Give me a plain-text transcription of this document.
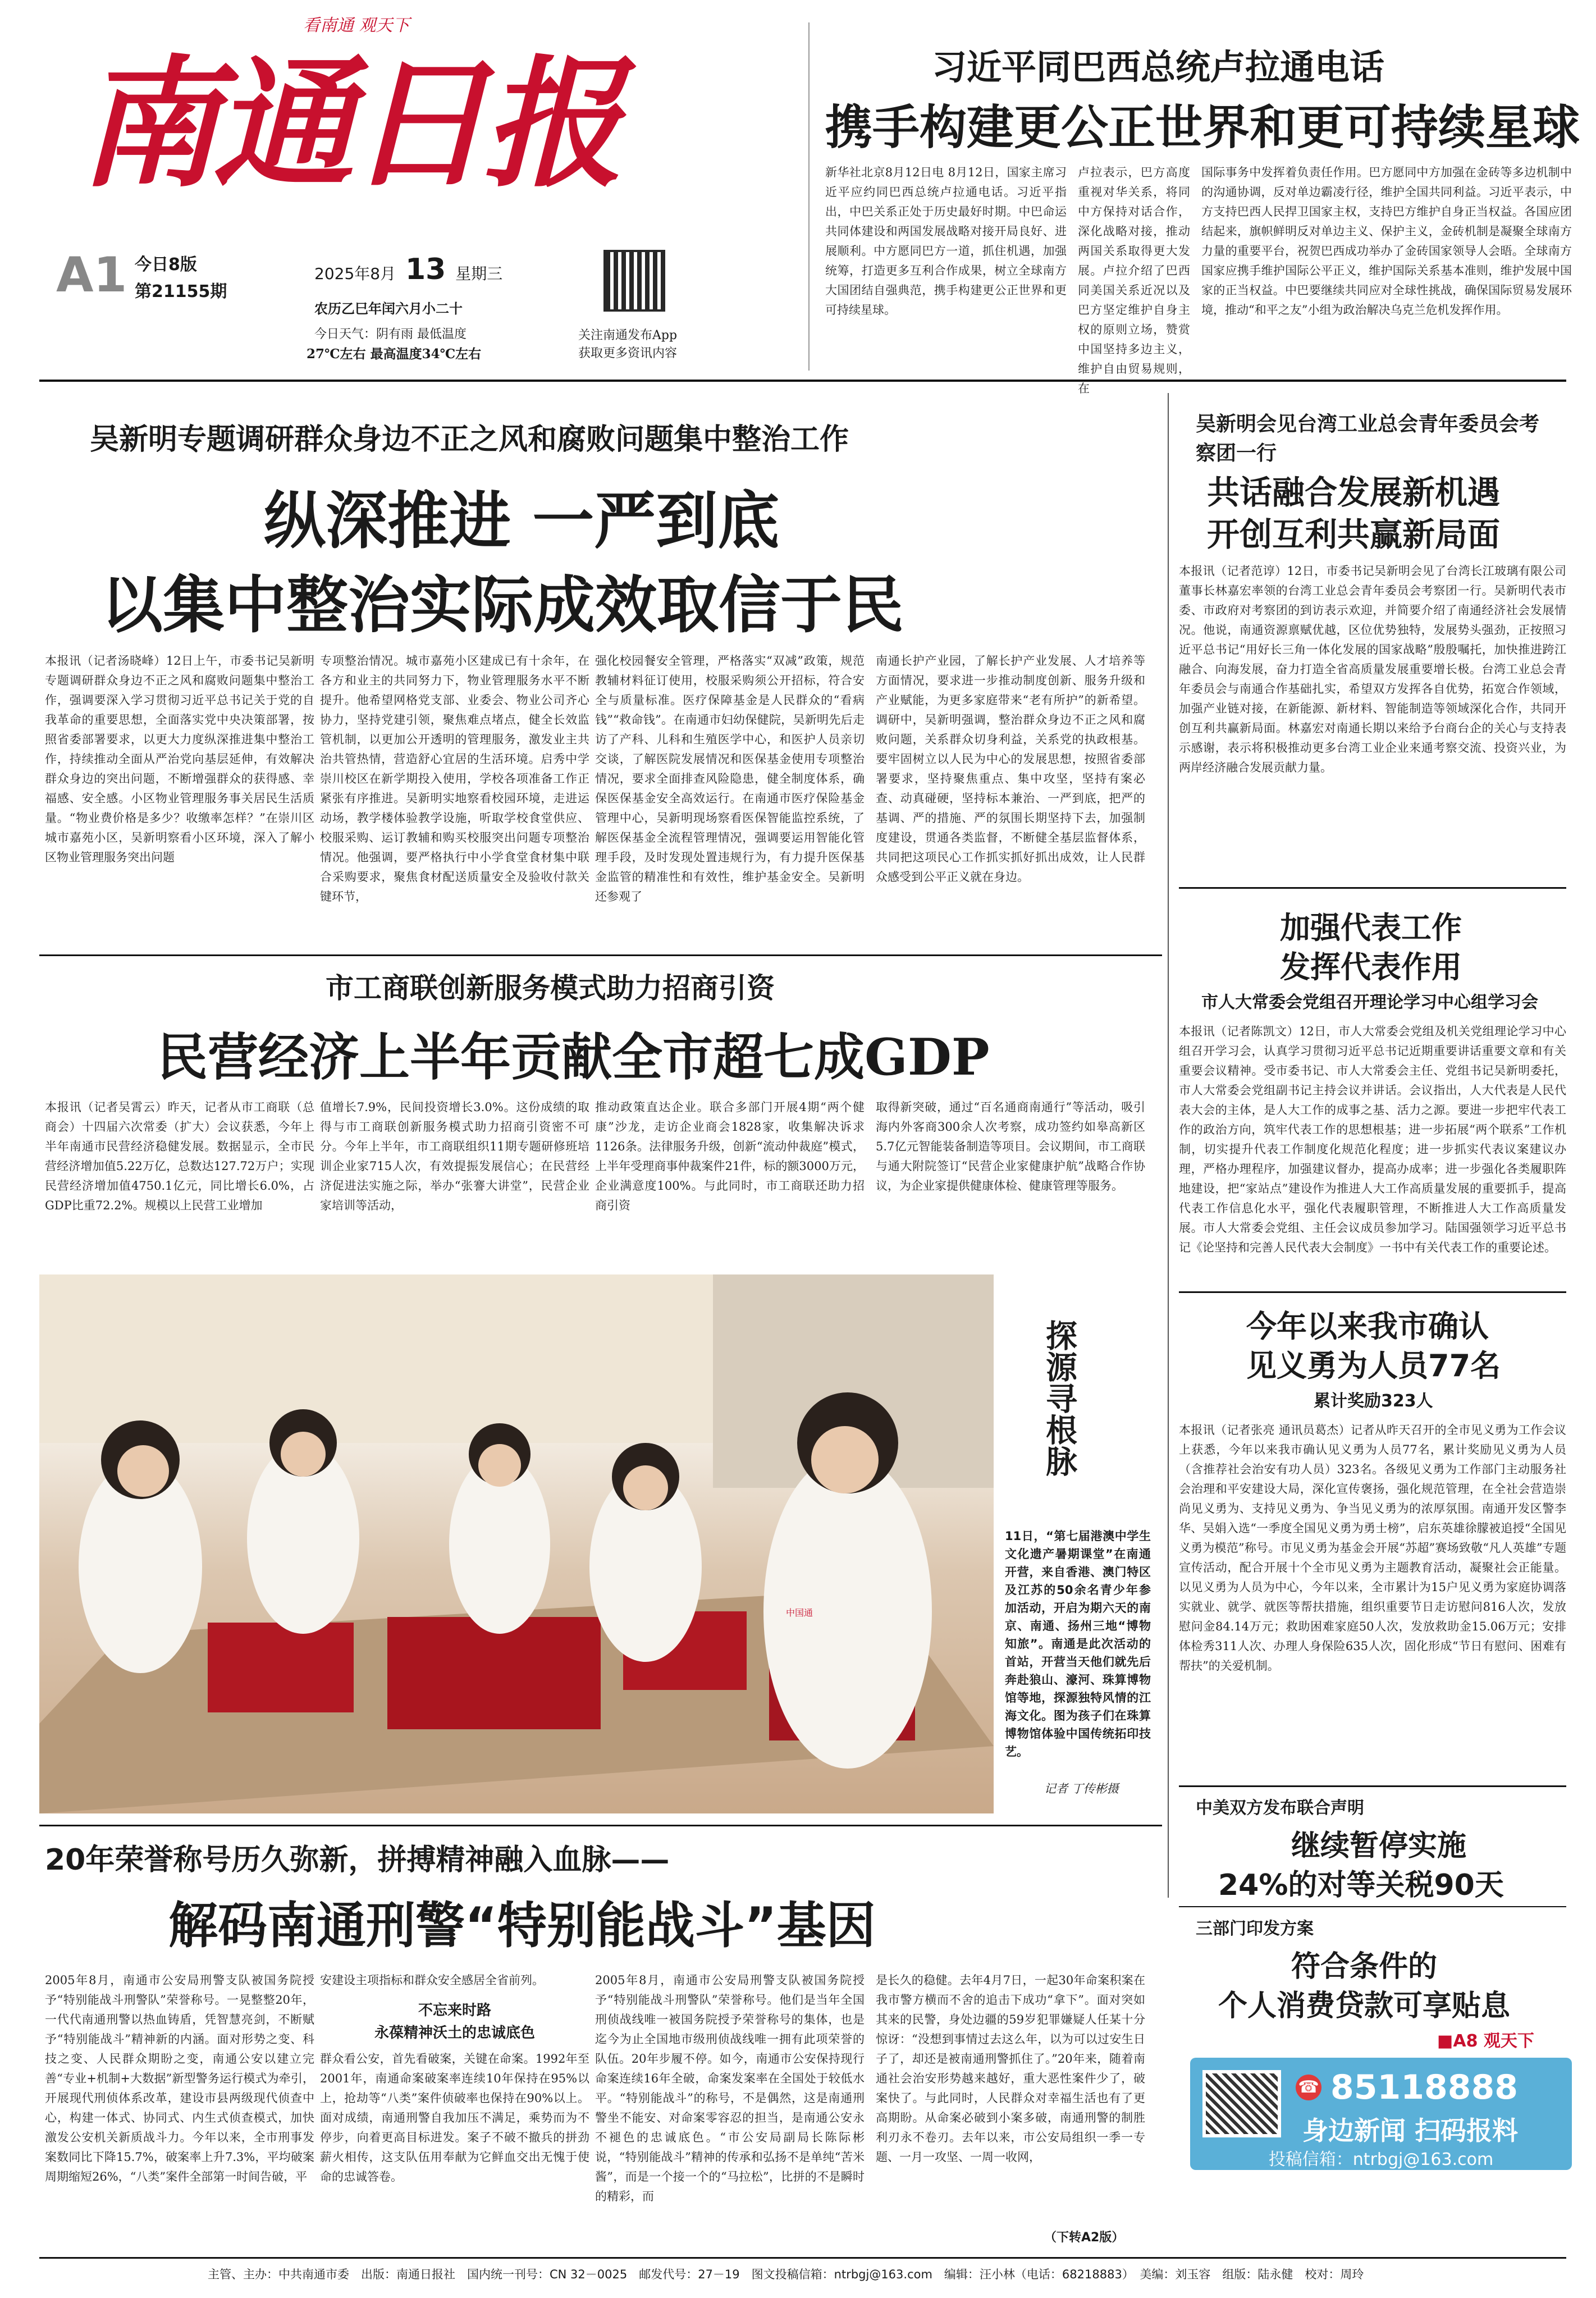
南通日报
看南通 观天下
A1 今日8版
第21155期
2025年8月 13 星期三
农历乙巳年闰六月小二十
今日天气：阴有雨 最低温度
27℃左右 最高温度34℃左右
关注南通发布App
获取更多资讯内容
习近平同巴西总统卢拉通电话
携手构建更公正世界和更可持续星球
新华社北京8月12日电 8月12日，国家主席习近平应约同巴西总统卢拉通电话。习近平指出，中巴关系正处于历史最好时期。中巴命运共同体建设和两国发展战略对接开局良好、进展顺利。中方愿同巴方一道，抓住机遇，加强统筹，打造更多互利合作成果，树立全球南方大国团结自强典范，携手构建更公正世界和更可持续星球。
卢拉表示，巴方高度重视对华关系，将同中方保持对话合作，深化战略对接，推动两国关系取得更大发展。卢拉介绍了巴西同美国关系近况以及巴方坚定维护自身主权的原则立场，赞赏中国坚持多边主义，维护自由贸易规则，在
国际事务中发挥着负责任作用。巴方愿同中方加强在金砖等多边机制中的沟通协调，反对单边霸凌行径，维护全国共同利益。习近平表示，中方支持巴西人民捍卫国家主权，支持巴方维护自身正当权益。各国应团结起来，旗帜鲜明反对单边主义、保护主义，金砖机制是凝聚全球南方力量的重要平台，祝贺巴西成功举办了金砖国家领导人会晤。全球南方国家应携手维护国际公平正义，维护国际关系基本准则，维护发展中国家的正当权益。中巴要继续共同应对全球性挑战，确保国际贸易发展环境，推动“和平之友”小组为政治解决乌克兰危机发挥作用。
吴新明专题调研群众身边不正之风和腐败问题集中整治工作
纵深推进 一严到底
以集中整治实际成效取信于民
本报讯（记者汤晓峰）12日上午，市委书记吴新明专题调研群众身边不正之风和腐败问题集中整治工作，强调要深入学习贯彻习近平总书记关于党的自我革命的重要思想，全面落实党中央决策部署，按照省委部署要求，以更大力度纵深推进集中整治工作，持续推动全面从严治党向基层延伸，有效解决群众身边的突出问题，不断增强群众的获得感、幸福感、安全感。小区物业管理服务事关居民生活质量。“物业费价格是多少？收缴率怎样？”在崇川区城市嘉苑小区，吴新明察看小区环境，深入了解小区物业管理服务突出问题
专项整治情况。城市嘉苑小区建成已有十余年，在各方和业主的共同努力下，物业管理服务水平不断提升。他希望网格党支部、业委会、物业公司齐心协力，坚持党建引领，聚焦难点堵点，健全长效监管机制，以更加公开透明的管理服务，激发业主共治共管热情，营造舒心宜居的生活环境。启秀中学崇川校区在新学期投入使用，学校各项准备工作正紧张有序推进。吴新明实地察看校园环境，走进运动场，教学楼体验教学设施，听取学校食堂供应、校服采购、运订教辅和购买校服突出问题专项整治情况。他强调，要严格执行中小学食堂食材集中联合采购要求，聚焦食材配送质量安全及验收付款关键环节，
强化校园餐安全管理，严格落实“双减”政策，规范教辅材料征订使用，校服采购须公开招标，符合安全与质量标准。医疗保障基金是人民群众的“看病钱”“救命钱”。在南通市妇幼保健院，吴新明先后走访了产科、儿科和生殖医学中心，和医护人员亲切交谈，了解医院发展情况和医保基金使用专项整治情况，要求全面排查风险隐患，健全制度体系，确保医保基金安全高效运行。在南通市医疗保险基金管理中心，吴新明现场察看医保智能监控系统，了解医保基金全流程管理情况，强调要运用智能化管理手段，及时发现处置违规行为，有力提升医保基金监管的精准性和有效性，维护基金安全。吴新明还参观了
南通长护产业园，了解长护产业发展、人才培养等方面情况，要求进一步推动制度创新、服务升级和产业赋能，为更多家庭带来“老有所护”的新希望。调研中，吴新明强调，整治群众身边不正之风和腐败问题，关系群众切身利益，关系党的执政根基。要牢固树立以人民为中心的发展思想，按照省委部署要求，坚持聚焦重点、集中攻坚，坚持有案必查、动真碰硬，坚持标本兼治、一严到底，把严的基调、严的措施、严的氛围长期坚持下去，加强制度建设，贯通各类监督，不断健全基层监督体系，共同把这项民心工作抓实抓好抓出成效，让人民群众感受到公平正义就在身边。
吴新明会见台湾工业总会青年委员会考察团一行
共话融合发展新机遇
开创互利共赢新局面
本报讯（记者范谆）12日，市委书记吴新明会见了台湾长江玻璃有限公司董事长林嘉宏率领的台湾工业总会青年委员会考察团一行。吴新明代表市委、市政府对考察团的到访表示欢迎，并简要介绍了南通经济社会发展情况。他说，南通资源禀赋优越，区位优势独特，发展势头强劲，正按照习近平总书记“用好长三角一体化发展的国家战略”殷殷嘱托，加快推进跨江融合、向海发展，奋力打造全省高质量发展重要增长极。台湾工业总会青年委员会与南通合作基础扎实，希望双方发挥各自优势，拓宽合作领域，加强产业链对接，在新能源、新材料、智能制造等领域深化合作，共同开创互利共赢新局面。林嘉宏对南通长期以来给予台商台企的关心与支持表示感谢，表示将积极推动更多台湾工业企业来通考察交流、投资兴业，为两岸经济融合发展贡献力量。
加强代表工作
发挥代表作用
市人大常委会党组召开理论学习中心组学习会
本报讯（记者陈凯文）12日，市人大常委会党组及机关党组理论学习中心组召开学习会，认真学习贯彻习近平总书记近期重要讲话重要文章和有关重要会议精神。受市委书记、市人大常委会主任、党组书记吴新明委托，市人大常委会党组副书记主持会议并讲话。会议指出，人大代表是人民代表大会的主体，是人大工作的成事之基、活力之源。要进一步把牢代表工作的政治方向，筑牢代表工作的思想根基；进一步拓展“两个联系”工作机制，切实提升代表工作制度化规范化程度；进一步抓实代表议案建议办理，严格办理程序，加强建议督办，提高办成率；进一步强化各类履职阵地建设，把“家站点”建设作为推进人大工作高质量发展的重要抓手，提高代表工作信息化水平，强化代表履职管理，不断推进人大工作高质量发展。市人大常委会党组、主任会议成员参加学习。陆国强领学习近平总书记《论坚持和完善人民代表大会制度》一书中有关代表工作的重要论述。
今年以来我市确认
见义勇为人员77名
累计奖励323人
本报讯（记者张亮 通讯员葛杰）记者从昨天召开的全市见义勇为工作会议上获悉，今年以来我市确认见义勇为人员77名，累计奖励见义勇为人员（含推荐社会治安有功人员）323名。各级见义勇为工作部门主动服务社会治理和平安建设大局，深化宣传褒扬，强化规范管理，在全社会营造崇尚见义勇为、支持见义勇为、争当见义勇为的浓厚氛围。南通开发区警李华、吴娟入选“一季度全国见义勇为勇士榜”，启东英雄徐朦被追授“全国见义勇为模范”称号。市见义勇为基金会开展“苏超”赛场致敬“凡人英雄”专题宣传活动，配合开展十个全市见义勇为主题教育活动，凝聚社会正能量。以见义勇为人员为中心，今年以来，全市累计为15户见义勇为家庭协调落实就业、就学、就医等帮扶措施，组织重要节日走访慰问816人次，发放慰问金84.14万元；救助困难家庭50人次，发放救助金15.06万元；安排体检秀311人次、办理人身保险635人次，固化形成“节日有慰问、困难有帮扶”的关爱机制。
中美双方发布联合声明
继续暂停实施
24%的对等关税90天
三部门印发方案
符合条件的
个人消费贷款可享贴息
■A8 观天下
☎ 85118888
身边新闻 扫码报料
投稿信箱：ntrbgj@163.com
市工商联创新服务模式助力招商引资
民营经济上半年贡献全市超七成GDP
本报讯（记者吴霄云）昨天，记者从市工商联（总商会）十四届六次常委（扩大）会议获悉，今年上半年南通市民营经济稳健发展。数据显示，全市民营经济增加值5.22万亿，总数达127.72万户；实现民营经济增加值4750.1亿元，同比增长6.0%，占GDP比重72.2%。规模以上民营工业增加
值增长7.9%，民间投资增长3.0%。这份成绩的取得与市工商联创新服务模式助力招商引资密不可分。今年上半年，市工商联组织11期专题研修班培训企业家715人次，有效提振发展信心；在民营经济促进法实施之际，举办“张謇大讲堂”，民营企业家培训等活动，
推动政策直达企业。联合多部门开展4期“两个健康”沙龙，走访企业商会1828家，收集解决诉求1126条。法律服务升级，创新“流动仲裁庭”模式，上半年受理商事仲裁案件21件，标的额3000万元，企业满意度100%。与此同时，市工商联还助力招商引资
取得新突破，通过“百名通商南通行”等活动，吸引海内外客商300余人次考察，成功签约如皋高新区5.7亿元智能装备制造等项目。会议期间，市工商联与通大附院签订“民营企业家健康护航”战略合作协议，为企业家提供健康体检、健康管理等服务。
中国通
探源寻根脉
11日，“第七届港澳中学生文化遗产暑期课堂”在南通开营，来自香港、澳门特区及江苏的50余名青少年参加活动，开启为期六天的南京、南通、扬州三地“博物知旅”。南通是此次活动的首站，开营当天他们就先后奔赴狼山、濠河、珠算博物馆等地，探源独特风情的江海文化。图为孩子们在珠算博物馆体验中国传统拓印技艺。
记者 丁传彬摄
20年荣誉称号历久弥新，拼搏精神融入血脉——
解码南通刑警“特别能战斗”基因
2005年8月，南通市公安局刑警支队被国务院授予“特别能战斗刑警队”荣誉称号。一晃整整20年，一代代南通刑警以热血铸盾，凭智慧亮剑，不断赋予“特别能战斗”精神新的内涵。面对形势之变、科技之变、人民群众期盼之变，南通公安以建立完善“专业+机制+大数据”新型警务运行模式为牵引，开展现代刑侦体系改革，建设市县两级现代侦查中心，构建一体式、协同式、内生式侦查模式，加快激发公安机关新质战斗力。今年以来，全市刑事发案数同比下降15.7%，破案率上升7.3%，平均破案周期缩短26%，“八类”案件全部第一时间告破，平
安建设主项指标和群众安全感居全省前列。
不忘来时路
永葆精神沃土的忠诚底色
群众看公安，首先看破案，关键在命案。1992年至2001年，南通命案破案率连续10年保持在95%以上，抢劫等“八类”案件侦破率也保持在90%以上。面对成绩，南通刑警自我加压不满足，乘势而为不停步，向着更高目标进发。案子不破不撤兵的拼劲薪火相传，这支队伍用奉献为它鲜血交出无愧于使命的忠诚答卷。
2005年8月，南通市公安局刑警支队被国务院授予“特别能战斗刑警队”荣誉称号。他们是当年全国刑侦战线唯一被国务院授予荣誉称号的集体，也是迄今为止全国地市级刑侦战线唯一拥有此项荣誉的队伍。20年步履不停。如今，南通市公安保持现行命案连续16年全破，命案发案率在全国处于较低水平。“特别能战斗”的称号，不是偶然，这是南通刑警坐不能安、对命案零容忍的担当，是南通公安永不褪色的忠诚底色。“市公安局副局长陈际彬说，“特别能战斗”精神的传承和弘扬不是单纯“苦米酱”，而是一个接一个的“马拉松”，比拼的不是瞬时的精彩，而
是长久的稳健。去年4月7日，一起30年命案积案在我市警方横而不舍的追击下成功“拿下”。面对突如其来的民警，身处边疆的59岁犯罪嫌疑人任某十分惊讶：“没想到事情过去这么年，以为可以过安生日子了，却还是被南通刑警抓住了。”20年来，随着南通社会治安形势越来越好，重大恶性案件少了，破案快了。与此同时，人民群众对幸福生活也有了更高期盼。从命案必破到小案多破，南通刑警的制胜利刃永不卷刃。去年以来，市公安局组织一季一专题、一月一攻坚、一周一收网，
（下转A2版）
主管、主办：中共南通市委　出版：南通日报社　国内统一刊号：CN 32－0025　邮发代号：27－19　图文投稿信箱：ntrbgj@163.com　编辑：汪小林（电话：68218883）　美编：刘玉容　组版：陆永健　校对：周玲
